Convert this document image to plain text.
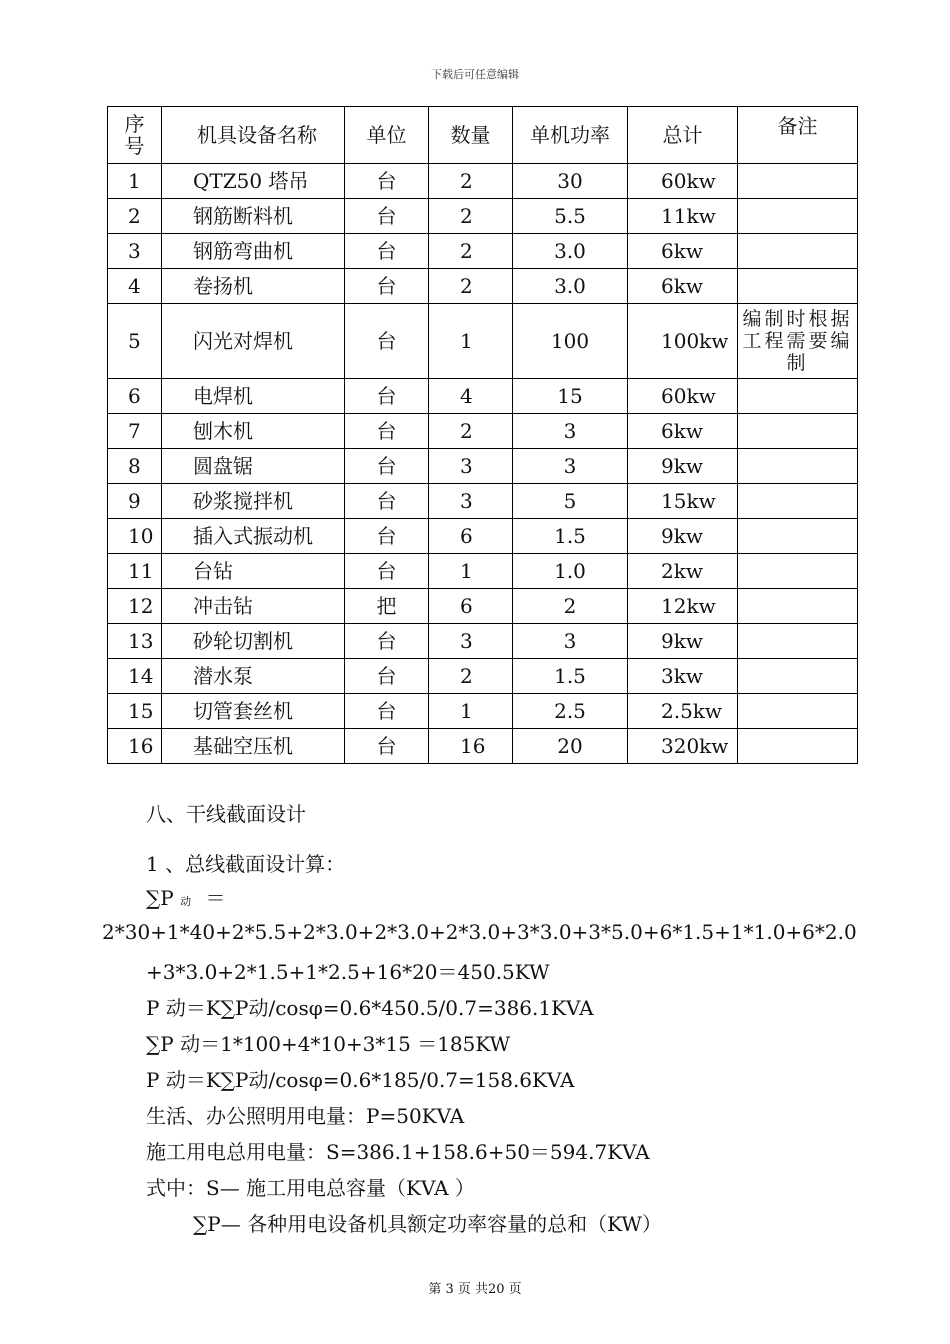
下载后可任意编辑
序号	机具设备名称	单位	数量	单机功率	总计	备注
1	QTZ50 塔吊	台	2	30	60kw	
2	钢筋断料机	台	2	5.5	11kw	
3	钢筋弯曲机	台	2	3.0	6kw	
4	卷扬机	台	2	3.0	6kw	
5	闪光对焊机	台	1	100	100kw	编制时根据工程需要编制
6	电焊机	台	4	15	60kw	
7	刨木机	台	2	3	6kw	
8	圆盘锯	台	3	3	9kw	
9	砂浆搅拌机	台	3	5	15kw	
10	插入式振动机	台	6	1.5	9kw	
11	台钻	台	1	1.0	2kw	
12	冲击钻	把	6	2	12kw	
13	砂轮切割机	台	3	3	9kw	
14	潜水泵	台	2	1.5	3kw	
15	切管套丝机	台	1	2.5	2.5kw	
16	基础空压机	台	16	20	320kw	
八、干线截面设计
1 、总线截面设计算：
∑P 动 ＝
2*30+1*40+2*5.5+2*3.0+2*3.0+2*3.0+3*3.0+3*5.0+6*1.5+1*1.0+6*2.0
+3*3.0+2*1.5+1*2.5+16*20＝450.5KW
P 动＝K∑P动/cosφ=0.6*450.5/0.7=386.1KVA
∑P 动＝1*100+4*10+3*15 ＝185KW
P 动＝K∑P动/cosφ=0.6*185/0.7=158.6KVA
生活、办公照明用电量：P=50KVA
施工用电总用电量：S=386.1+158.6+50＝594.7KVA
式中：S— 施工用电总容量（KVA ）
∑P— 各种用电设备机具额定功率容量的总和（KW）
第 3 页 共20 页
